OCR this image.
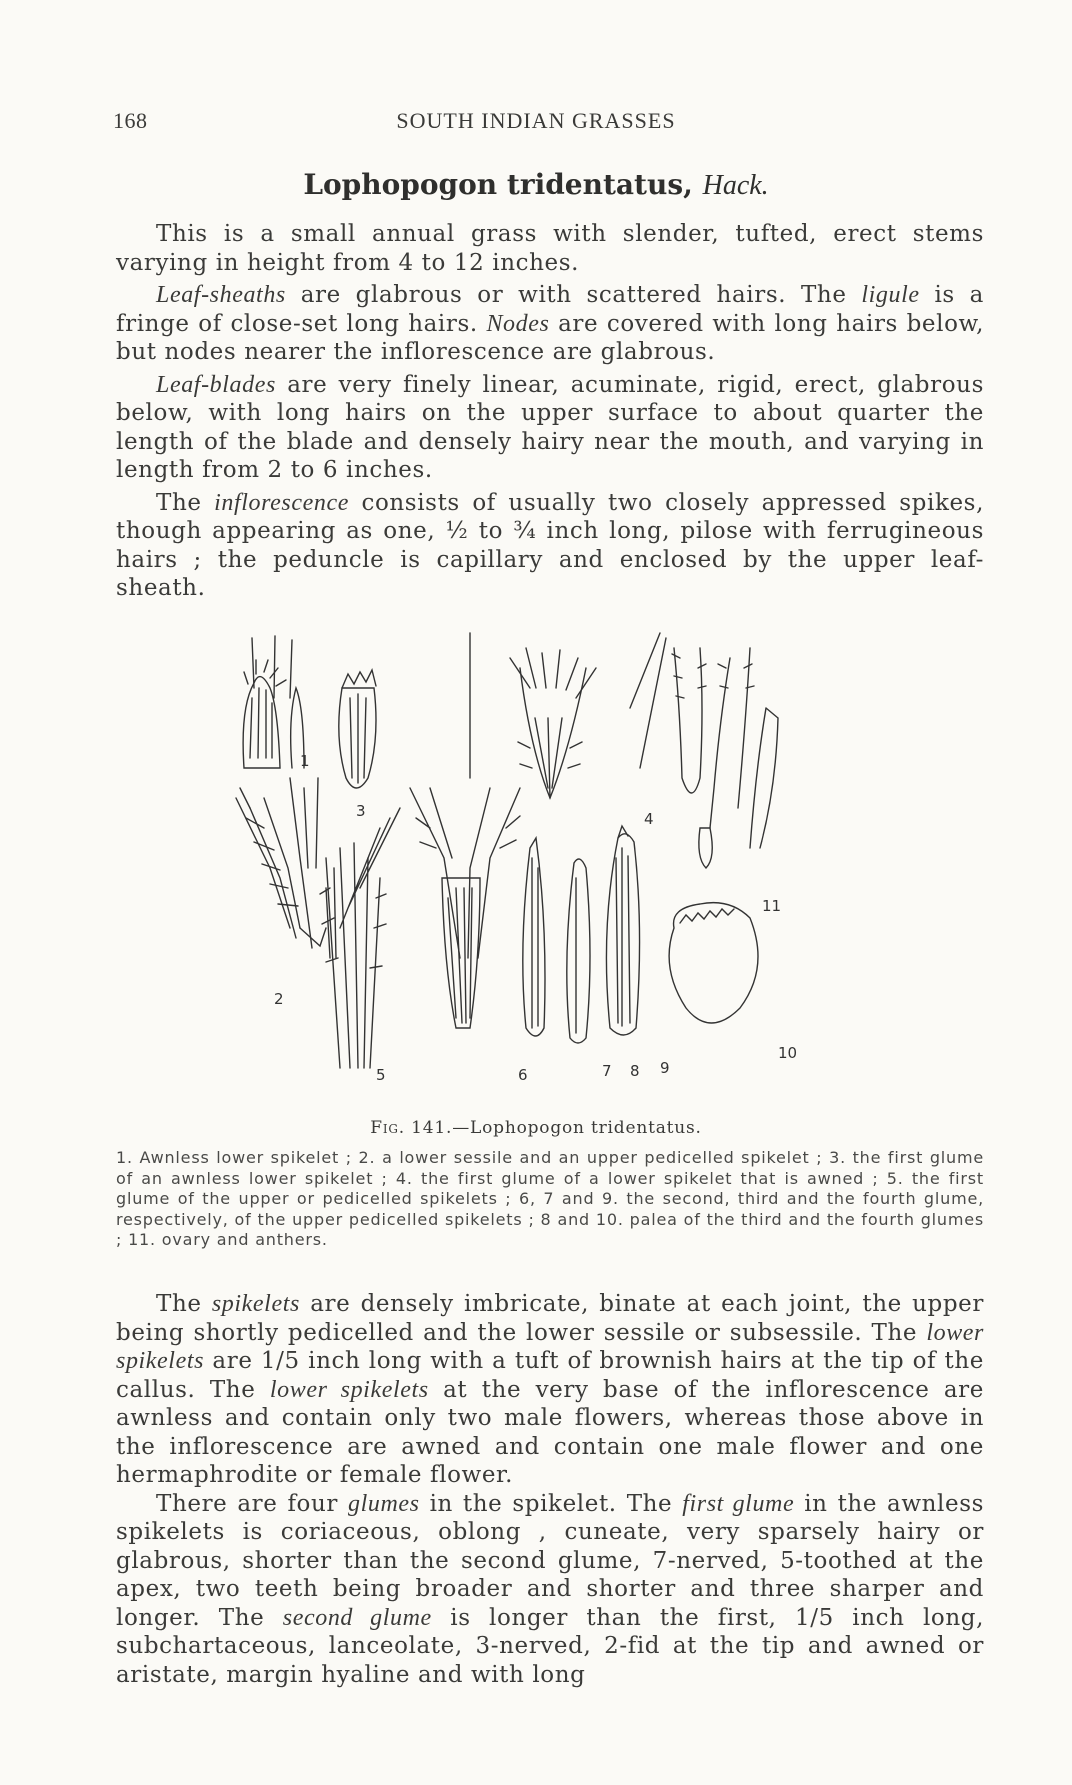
168	SOUTH INDIAN GRASSES
Lophopogon tridentatus, Hack.

This is a small annual grass with slender, tufted, erect stems varying in height from 4 to 12 inches.

Leaf-sheaths are glabrous or with scattered hairs. The ligule is a fringe of close-set long hairs. Nodes are covered with long hairs below, but nodes nearer the inflorescence are glabrous.

Leaf-blades are very finely linear, acuminate, rigid, erect, glabrous below, with long hairs on the upper surface to about quarter the length of the blade and densely hairy near the mouth, and varying in length from 2 to 6 inches.

The inflorescence consists of usually two closely appressed spikes, though appearing as one, ½ to ¾ inch long, pilose with ferrugineous hairs ; the peduncle is capillary and enclosed by the upper leaf-sheath.

1
2
3	4
5	6	7 8 9
10
11
Fig. 141.—Lophopogon tridentatus.
1. Awnless lower spikelet ; 2. a lower sessile and an upper pedicelled spikelet ; 3. the first glume of an awnless lower spikelet ; 4. the first glume of a lower spikelet that is awned ; 5. the first glume of the upper or pedicelled spikelets ; 6, 7 and 9. the second, third and the fourth glume, respectively, of the upper pedicelled spikelets ; 8 and 10. palea of the third and the fourth glumes ; 11. ovary and anthers.

The spikelets are densely imbricate, binate at each joint, the upper being shortly pedicelled and the lower sessile or subsessile. The lower spikelets are 1/5 inch long with a tuft of brownish hairs at the tip of the callus. The lower spikelets at the very base of the inflorescence are awnless and contain only two male flowers, whereas those above in the inflorescence are awned and contain one male flower and one hermaphrodite or female flower.

There are four glumes in the spikelet. The first glume in the awnless spikelets is coriaceous, oblong , cuneate, very sparsely hairy or glabrous, shorter than the second glume, 7-nerved, 5-toothed at the apex, two teeth being broader and shorter and three sharper and longer. The second glume is longer than the first, 1/5 inch long, subchartaceous, lanceolate, 3-nerved, 2-fid at the tip and awned or aristate, margin hyaline and with long
